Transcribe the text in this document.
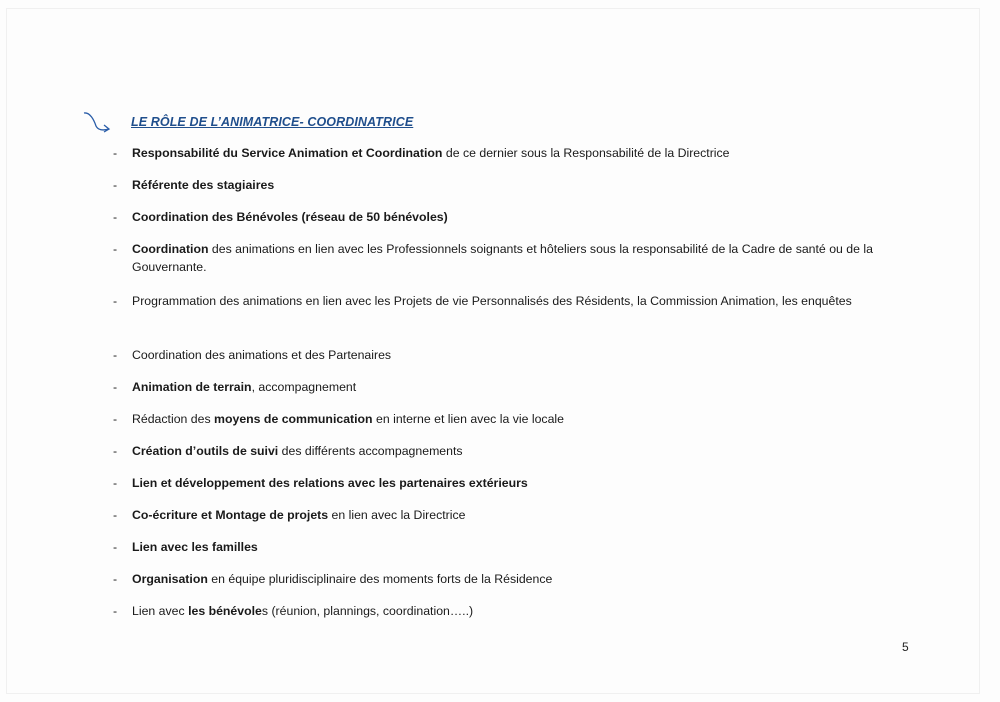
LE RÔLE DE L’ANIMATRICE- COORDINATRICE
- Responsabilité du Service Animation et Coordination de ce dernier sous la Responsabilité de la Directrice
- Référente des stagiaires
- Coordination des Bénévoles (réseau de 50 bénévoles)
- Coordination des animations en lien avec les Professionnels soignants et hôteliers sous la responsabilité de la Cadre de santé ou de la Gouvernante.
- Programmation des animations en lien avec les Projets de vie Personnalisés des Résidents, la Commission Animation, les enquêtes
- Coordination des animations et des Partenaires
- Animation de terrain, accompagnement
- Rédaction des moyens de communication en interne et lien avec la vie locale
- Création d’outils de suivi des différents accompagnements
- Lien et développement des relations avec les partenaires extérieurs
- Co-écriture et Montage de projets en lien avec la Directrice
- Lien avec les familles
- Organisation en équipe pluridisciplinaire des moments forts de la Résidence
- Lien avec les bénévoles (réunion, plannings, coordination…..)
5
